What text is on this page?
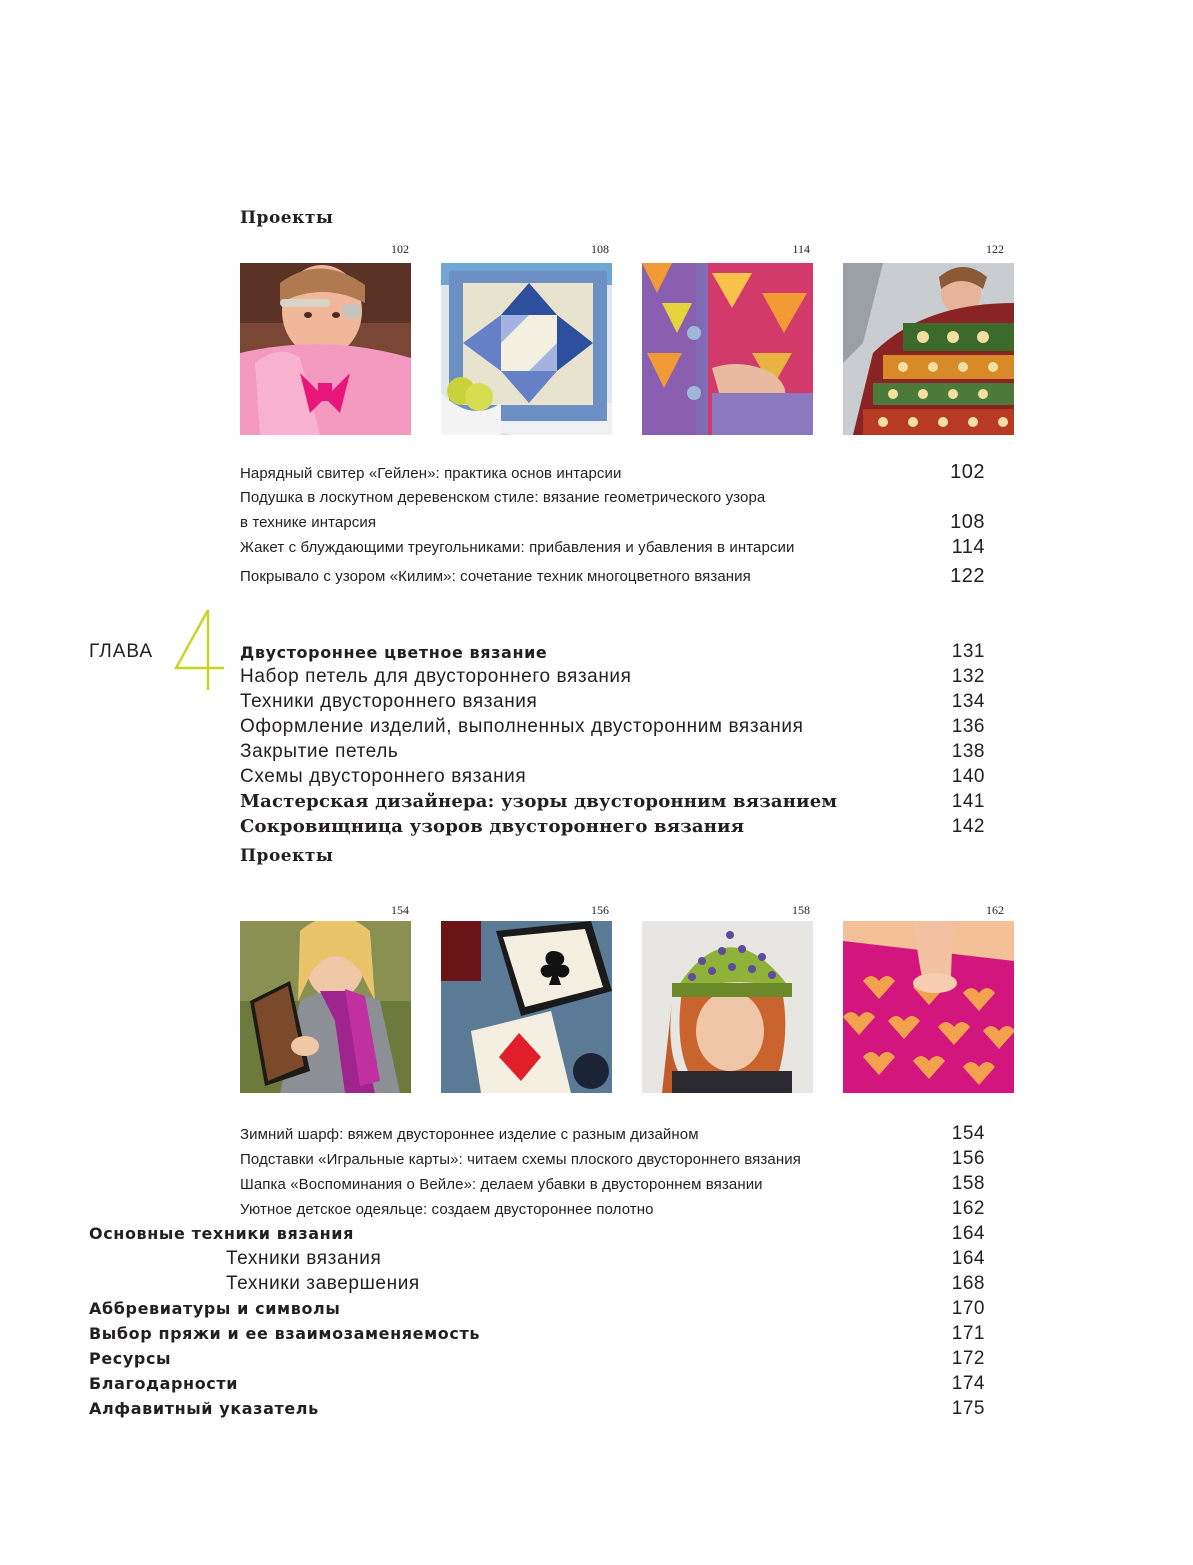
Проекты
102	108	114	122
Нарядный свитер «Гейлен»: практика основ интарсии	102
Подушка в лоскутном деревенском стиле: вязание геометрического узора
в технике интарсия	108
Жакет с блуждающими треугольниками: прибавления и убавления в интарсии	114
Покрывало с узором «Килим»: сочетание техник многоцветного вязания	122
ГЛАВА	Двустороннее цветное вязание	131
Набор петель для двустороннего вязания	132
Техники двустороннего вязания	134
Оформление изделий, выполненных двусторонним вязания	136
Закрытие петель	138
Схемы двустороннего вязания	140
Мастерская дизайнера: узоры двусторонним вязанием	141
Сокровищница узоров двустороннего вязания	142
Проекты
154	156	158	162
Зимний шарф: вяжем двустороннее изделие с разным дизайном	154
Подставки «Игральные карты»: читаем схемы плоского двустороннего вязания	156
Шапка «Воспоминания о Вейле»: делаем убавки в двустороннем вязании	158
Уютное детское одеяльце: создаем двустороннее полотно	162
Основные техники вязания	164
Техники вязания	164
Техники завершения	168
Аббревиатуры и символы	170
Выбор пряжи и ее взаимозаменяемость	171
Ресурсы	172
Благодарности	174
Алфавитный указатель	175
